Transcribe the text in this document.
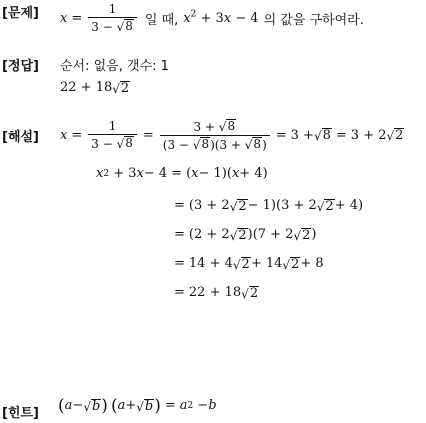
[문제] $x = \frac{1}{3 - √ 8}$ 일 때, $x^2 + 3x - 4$ 의 값을 구하여라.
[정답] 순서: 없음, 갯수: 1
22 + 18 √ 2
[해설] $x = \frac{1}{3 - √ 8} = \frac{3 + √ 8}{(3 - √ 8 )(3 + √ 8 )} = 3$ + √ 8 = 3 + 2 √ 2
x 2 + 3 x − 4 = ( x − 1)( x + 4)
= (3 + 2 √ 2 − 1)(3 + 2 √ 2 + 4)
= (2 + 2 √ 2 )(7 + 2 √ 2 )
= 14 + 4 √ 2 + 14 √ 2 + 8
= 22 + 18 √ 2
[힌트] ( a − √ b ) ( a + √ b ) = a 2 − b
